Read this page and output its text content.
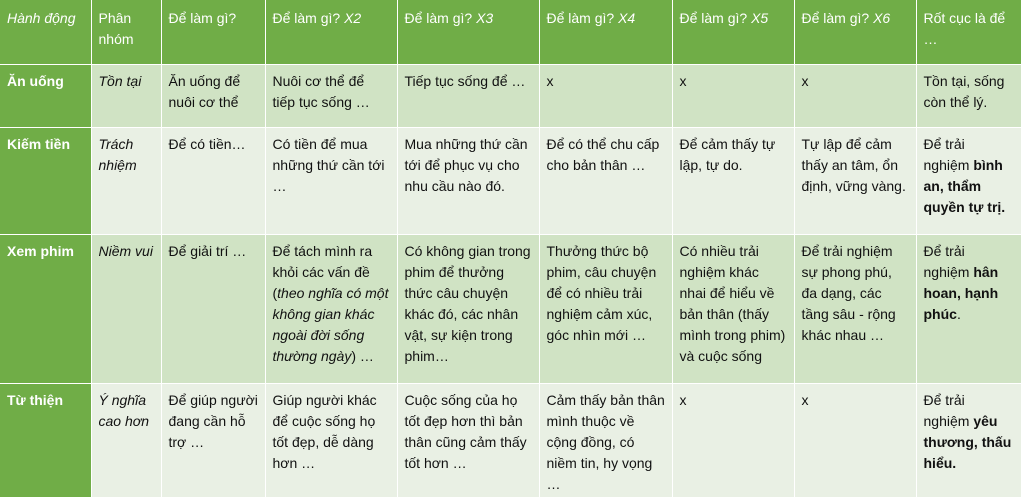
Hành động	Phân nhóm	Để làm gì?	Để làm gì? X2	Để làm gì? X3	Để làm gì? X4	Để làm gì? X5	Để làm gì? X6	Rốt cục là để …
Ăn uống	Tồn tại	Ăn uống để nuôi cơ thể	Nuôi cơ thể để tiếp tục sống …	Tiếp tục sống để …	x	x	x	Tồn tại, sống còn thể lý.
Kiếm tiền	Trách nhiệm	Để có tiền…	Có tiền để mua những thứ cần tới …	Mua những thứ cần tới để phục vụ cho nhu cầu nào đó.	Để có thể chu cấp cho bản thân …	Để cảm thấy tự lập, tự do.	Tự lập để cảm thấy an tâm, ổn định, vững vàng.	Để trải nghiệm bình an, thẩm quyền tự trị.
Xem phim	Niềm vui	Để giải trí …	Để tách mình ra khỏi các vấn đề (theo nghĩa có một không gian khác ngoài đời sống thường ngày) …	Có không gian trong phim để thưởng thức câu chuyện khác đó, các nhân vật, sự kiện trong phim…	Thưởng thức bộ phim, câu chuyện để có nhiều trải nghiệm cảm xúc, góc nhìn mới …	Có nhiều trải nghiệm khác nhai để hiểu về bản thân (thấy mình trong phim) và cuộc sống	Để trải nghiệm sự phong phú, đa dạng, các tầng sâu - rộng khác nhau …	Để trải nghiệm hân hoan, hạnh phúc.
Từ thiện	Ý nghĩa cao hơn	Để giúp người đang cần hỗ trợ …	Giúp người khác để cuộc sống họ tốt đẹp, dễ dàng hơn …	Cuộc sống của họ tốt đẹp hơn thì bản thân cũng cảm thấy tốt hơn …	Cảm thấy bản thân mình thuộc về cộng đồng, có niềm tin, hy vọng …	x	x	Để trải nghiệm yêu thương, thấu hiểu.
